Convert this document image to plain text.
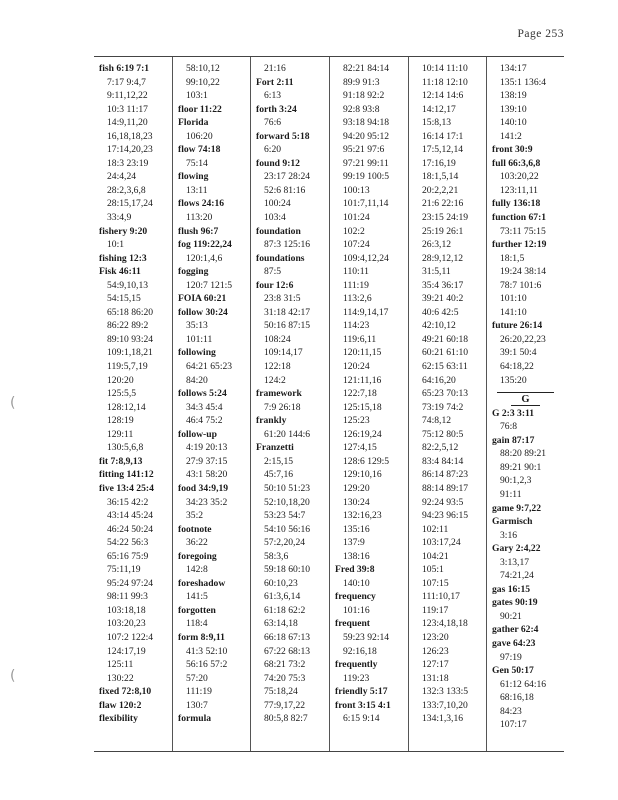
Page 253
(
(
fish 6:19 7:1
7:17 9:4,7
9:11,12,22
10:3 11:17
14:9,11,20
16,18,18,23
17:14,20,23
18:3 23:19
24:4,24
28:2,3,6,8
28:15,17,24
33:4,9
fishery 9:20
10:1
fishing 12:3
Fisk 46:11
54:9,10,13
54:15,15
65:18 86:20
86:22 89:2
89:10 93:24
109:1,18,21
119:5,7,19
120:20
125:5,5
128:12,14
128:19
129:11
130:5,6,8
fit 7:8,9,13
fitting 141:12
five 13:4 25:4
36:15 42:2
43:14 45:24
46:24 50:24
54:22 56:3
65:16 75:9
75:11,19
95:24 97:24
98:11 99:3
103:18,18
103:20,23
107:2 122:4
124:17,19
125:11
130:22
fixed 72:8,10
flaw 120:2
flexibility
58:10,12
99:10,22
103:1
floor 11:22
Florida
106:20
flow 74:18
75:14
flowing
13:11
flows 24:16
113:20
flush 96:7
fog 119:22,24
120:1,4,6
fogging
120:7 121:5
FOIA 60:21
follow 30:24
35:13
101:11
following
64:21 65:23
84:20
follows 5:24
34:3 45:4
46:4 75:2
follow-up
4:19 20:13
27:9 37:15
43:1 58:20
food 34:9,19
34:23 35:2
35:2
footnote
36:22
foregoing
142:8
foreshadow
141:5
forgotten
118:4
form 8:9,11
41:3 52:10
56:16 57:2
57:20
111:19
130:7
formula
21:16
Fort 2:11
6:13
forth 3:24
76:6
forward 5:18
6:20
found 9:12
23:17 28:24
52:6 81:16
100:24
103:4
foundation
87:3 125:16
foundations
87:5
four 12:6
23:8 31:5
31:18 42:17
50:16 87:15
108:24
109:14,17
122:18
124:2
framework
7:9 26:18
frankly
61:20 144:6
Franzetti
2:15,15
45:7,16
50:10 51:23
52:10,18,20
53:23 54:7
54:10 56:16
57:2,20,24
58:3,6
59:18 60:10
60:10,23
61:3,6,14
61:18 62:2
63:14,18
66:18 67:13
67:22 68:13
68:21 73:2
74:20 75:3
75:18,24
77:9,17,22
80:5,8 82:7
82:21 84:14
89:9 91:3
91:18 92:2
92:8 93:8
93:18 94:18
94:20 95:12
95:21 97:6
97:21 99:11
99:19 100:5
100:13
101:7,11,14
101:24
102:2
107:24
109:4,12,24
110:11
111:19
113:2,6
114:9,14,17
114:23
119:6,11
120:11,15
120:24
121:11,16
122:7,18
125:15,18
125:23
126:19,24
127:4,15
128:6 129:5
129:10,16
129:20
130:24
132:16,23
135:16
137:9
138:16
Fred 39:8
140:10
frequency
101:16
frequent
59:23 92:14
92:16,18
frequently
119:23
friendly 5:17
front 3:15 4:1
6:15 9:14
10:14 11:10
11:18 12:10
12:14 14:6
14:12,17
15:8,13
16:14 17:1
17:5,12,14
17:16,19
18:1,5,14
20:2,2,21
21:6 22:16
23:15 24:19
25:19 26:1
26:3,12
28:9,12,12
31:5,11
35:4 36:17
39:21 40:2
40:6 42:5
42:10,12
49:21 60:18
60:21 61:10
62:15 63:11
64:16,20
65:23 70:13
73:19 74:2
74:8,12
75:12 80:5
82:2,5,12
83:4 84:14
86:14 87:23
88:14 89:17
92:24 93:5
94:23 96:15
102:11
103:17,24
104:21
105:1
107:15
111:10,17
119:17
123:4,18,18
123:20
126:23
127:17
131:18
132:3 133:5
133:7,10,20
134:1,3,16
134:17
135:1 136:4
138:19
139:10
140:10
141:2
front 30:9
full 66:3,6,8
103:20,22
123:11,11
fully 136:18
function 67:1
73:11 75:15
further 12:19
18:1,5
19:24 38:14
78:7 101:6
101:10
141:10
future 26:14
26:20,22,23
39:1 50:4
64:18,22
135:20
G
G 2:3 3:11
76:8
gain 87:17
88:20 89:21
89:21 90:1
90:1,2,3
91:11
game 9:7,22
Garmisch
3:16
Gary 2:4,22
3:13,17
74:21,24
gas 16:15
gates 90:19
90:21
gather 62:4
gave 64:23
97:19
Gen 50:17
61:12 64:16
68:16,18
84:23
107:17
